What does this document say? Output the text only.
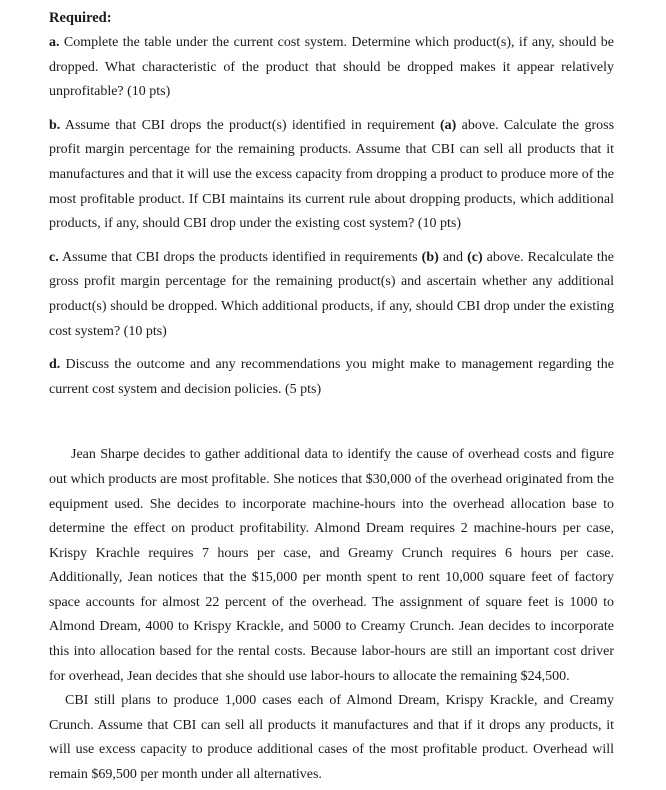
Required:

a. Complete the table under the current cost system. Determine which product(s), if any, should be dropped. What characteristic of the product that should be dropped makes it appear relatively unprofitable? (10 pts)

b. Assume that CBI drops the product(s) identified in requirement (a) above. Calculate the gross profit margin percentage for the remaining products. Assume that CBI can sell all products that it manufactures and that it will use the excess capacity from dropping a product to produce more of the most profitable product. If CBI maintains its current rule about dropping products, which additional products, if any, should CBI drop under the existing cost system? (10 pts)

c. Assume that CBI drops the products identified in requirements (b) and (c) above. Recalculate the gross profit margin percentage for the remaining product(s) and ascertain whether any additional product(s) should be dropped. Which additional products, if any, should CBI drop under the existing cost system? (10 pts)

d. Discuss the outcome and any recommendations you might make to management regarding the current cost system and decision policies. (5 pts)

Jean Sharpe decides to gather additional data to identify the cause of overhead costs and figure out which products are most profitable. She notices that $30,000 of the overhead originated from the equipment used. She decides to incorporate machine-hours into the overhead allocation base to determine the effect on product profitability. Almond Dream requires 2 machine-hours per case, Krispy Krachle requires 7 hours per case, and Greamy Crunch requires 6 hours per case. Additionally, Jean notices that the $15,000 per month spent to rent 10,000 square feet of factory space accounts for almost 22 percent of the overhead. The assignment of square feet is 1000 to Almond Dream, 4000 to Krispy Krackle, and 5000 to Creamy Crunch. Jean decides to incorporate this into allocation based for the rental costs. Because labor-hours are still an important cost driver for overhead, Jean decides that she should use labor-hours to allocate the remaining $24,500.

CBI still plans to produce 1,000 cases each of Almond Dream, Krispy Krackle, and Creamy Crunch. Assume that CBI can sell all products it manufactures and that if it drops any products, it will use excess capacity to produce additional cases of the most profitable product. Overhead will remain $69,500 per month under all alternatives.
